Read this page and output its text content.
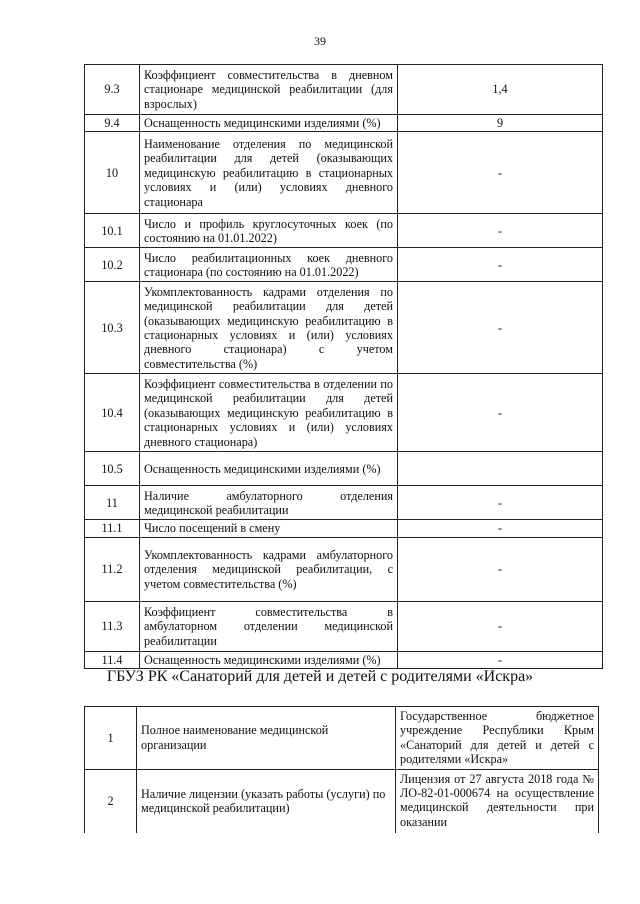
39
9.3	Коэффициент совместительства в дневном стационаре медицинской реабилитации (для взрослых)	1,4
9.4	Оснащенность медицинскими изделиями (%)	9
10	Наименование отделения по медицинской реабилитации для детей (оказывающих медицинскую реабилитацию в стационарных условиях и (или) условиях дневного стационара	-
10.1	Число и профиль круглосуточных коек (по состоянию на 01.01.2022)	-
10.2	Число реабилитационных коек дневного стационара (по состоянию на 01.01.2022)	-
10.3	Укомплектованность кадрами отделения по медицинской реабилитации для детей (оказывающих медицинскую реабилитацию в стационарных условиях и (или) условиях дневного стационара) с учетом совместительства (%)	-
10.4	Коэффициент совместительства в отделении по медицинской реабилитации для детей (оказывающих медицинскую реабилитацию в стационарных условиях и (или) условиях дневного стационара)	-
10.5	Оснащенность медицинскими изделиями (%)	
11	Наличие амбулаторного отделения медицинской реабилитации	-
11.1	Число посещений в смену	-
11.2	Укомплектованность кадрами амбулаторного отделения медицинской реабилитации, с учетом совместительства (%)	-
11.3	Коэффициент совместительства в амбулаторном отделении медицинской реабилитации	-
11.4	Оснащенность медицинскими изделиями (%)	-
ГБУЗ РК «Санаторий для детей и детей с родителями «Искра»
1	Полное наименование медицинской организации	Государственное бюджетное учреждение Республики Крым «Санаторий для детей и детей с родителями «Искра»
2	Наличие лицензии (указать работы (услуги) по медицинской реабилитации)	Лицензия от 27 августа 2018 года № ЛО-82-01-000674 на осуществление медицинской деятельности при оказании
